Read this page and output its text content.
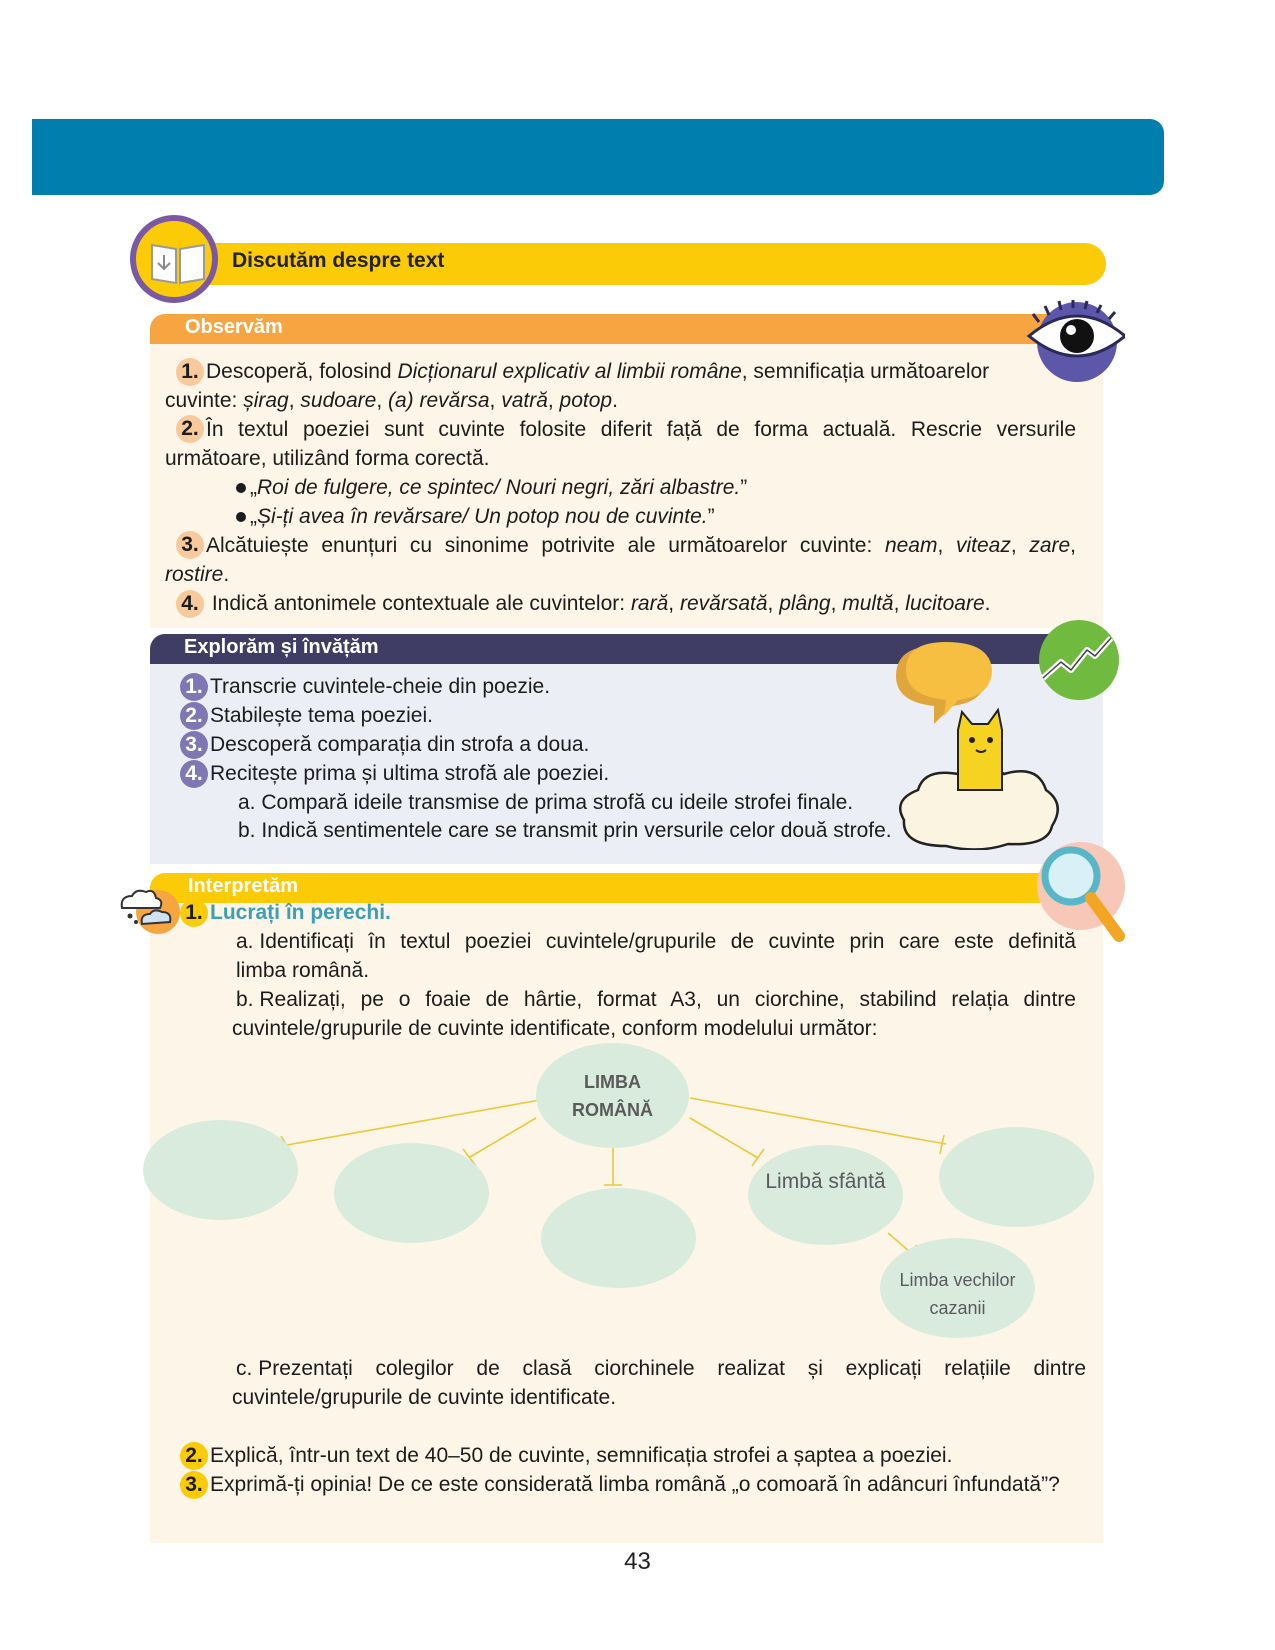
Discutăm despre text
Observăm
1. Descoperă, folosind Dicționarul explicativ al limbii române, semnificația următoarelor
cuvinte: șirag, sudoare, (a) revărsa, vatră, potop.
2. În textul poeziei sunt cuvinte folosite diferit față de forma actuală. Rescrie versurile
următoare, utilizând forma corectă.
„Roi de fulgere, ce spintec/ Nouri negri, zări albastre.”
„Și-ți avea în revărsare/ Un potop nou de cuvinte.”
3. Alcătuiește enunțuri cu sinonime potrivite ale următoarelor cuvinte: neam, viteaz, zare,
rostire.
4. Indică antonimele contextuale ale cuvintelor: rară, revărsată, plâng, multă, lucitoare.
Explorăm și învățăm
1. Transcrie cuvintele-cheie din poezie.
2. Stabilește tema poeziei.
3. Descoperă comparația din strofa a doua.
4. Recitește prima și ultima strofă ale poeziei.
a. Compară ideile transmise de prima strofă cu ideile strofei finale.
b. Indică sentimentele care se transmit prin versurile celor două strofe.
Interpretăm
1. Lucrați în perechi.
a.
Identificați în textul poeziei cuvintele/grupurile de cuvinte prin care este definită
limba română.
b.
Realizați, pe o foaie de hârtie, format A3, un ciorchine, stabilind relația dintre
cuvintele/grupurile de cuvinte identificate, conform modelului următor:
LIMBA
ROMÂNĂ
Limbă sfântă
Limba vechilor
cazanii
c.
Prezentați colegilor de clasă ciorchinele realizat și explicați relațiile dintre
cuvintele/grupurile de cuvinte identificate.
2. Explică, într-un text de 40–50 de cuvinte, semnificația strofei a șaptea a poeziei.
3. Exprimă-ți opinia! De ce este considerată limba română „o comoară în adâncuri înfundată”?
43
